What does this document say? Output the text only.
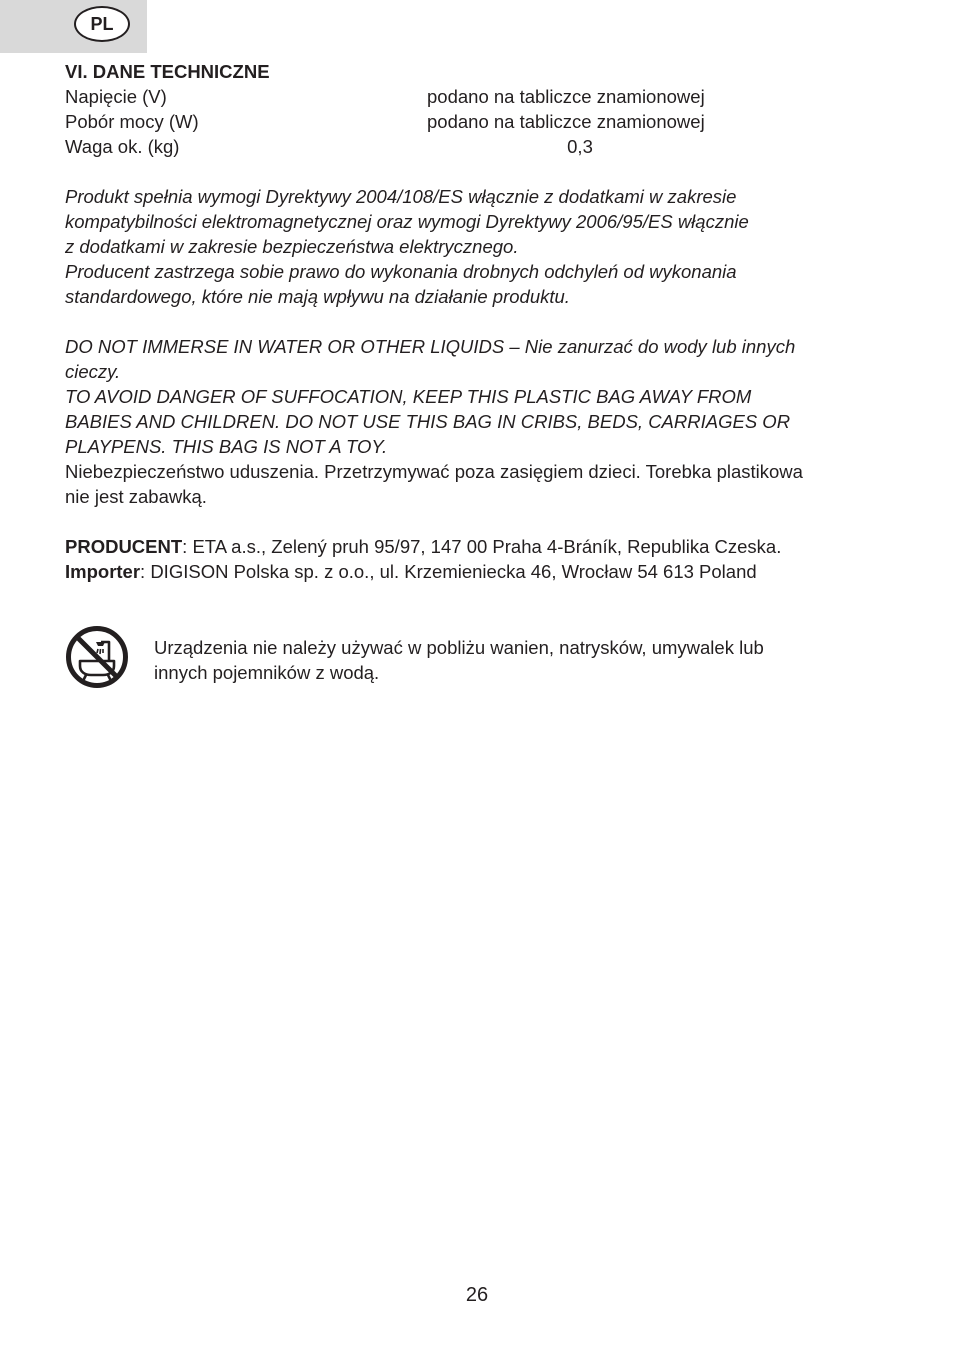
PL

VI. DANE TECHNICZNE

Napięcie (V)	podano na tabliczce znamionowej
Pobór mocy (W)	podano na tabliczce znamionowej
Waga ok. (kg)	0,3

Produkt spełnia wymogi Dyrektywy 2004/108/ES włącznie z dodatkami w zakresie

kompatybilności elektromagnetycznej oraz wymogi Dyrektywy 2006/95/ES włącznie

z dodatkami w zakresie bezpieczeństwa elektrycznego.

Producent zastrzega sobie prawo do wykonania drobnych odchyleń od wykonania

standardowego, które nie mają wpływu na działanie produktu.

DO NOT IMMERSE IN WATER OR OTHER LIQUIDS – Nie zanurzać do wody lub innych

cieczy.

TO AVOID DANGER OF SUFFOCATION, KEEP THIS PLASTIC BAG AWAY FROM

BABIES AND CHILDREN. DO NOT USE THIS BAG IN CRIBS, BEDS, CARRIAGES OR

PLAYPENS. THIS BAG IS NOT A TOY.

Niebezpieczeństwo uduszenia. Przetrzymywać poza zasięgiem dzieci. Torebka plastikowa

nie jest zabawką.

PRODUCENT: ETA a.s., Zelený pruh 95/97, 147 00 Praha 4-Bráník, Republika Czeska.

Importer: DIGISON Polska sp. z o.o., ul. Krzemieniecka 46, Wrocław 54 613 Poland

Urządzenia nie należy używać w pobliżu wanien, natrysków, umywalek lub

innych pojemników z wodą.

26
